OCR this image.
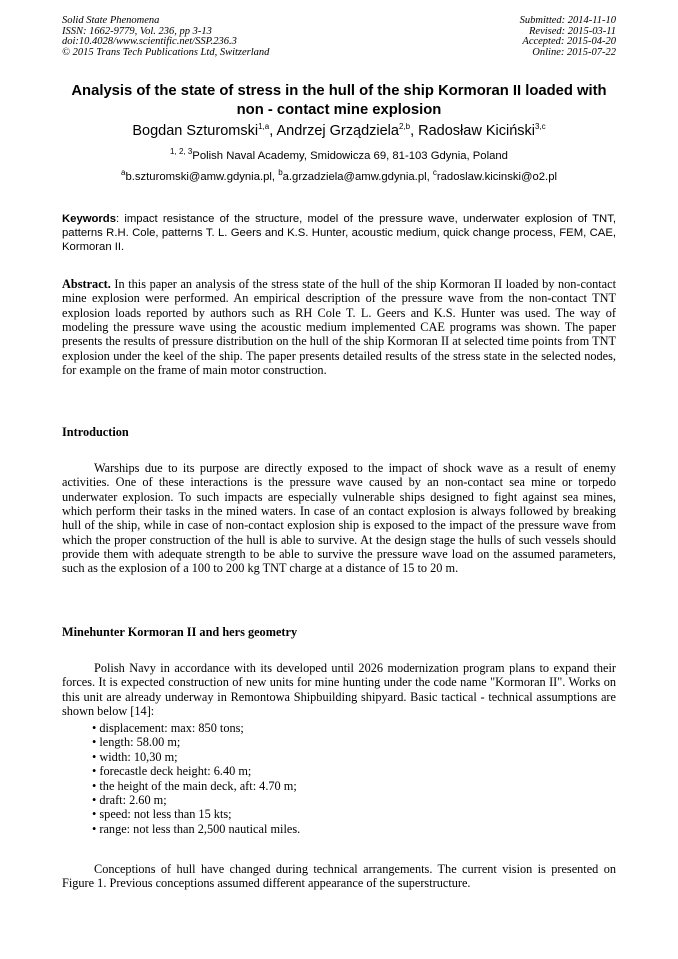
Solid State Phenomena
ISSN: 1662-9779, Vol. 236, pp 3-13
doi:10.4028/www.scientific.net/SSP.236.3
© 2015 Trans Tech Publications Ltd, Switzerland
Submitted: 2014-11-10
Revised: 2015-03-11
Accepted: 2015-04-20
Online: 2015-07-22
Analysis of the state of stress in the hull of the ship Kormoran II loaded with non - contact mine explosion
Bogdan Szturomski$^{1,a}$, Andrzej Grządziela$^{2,b}$, Radosław Kiciński$^{3,c}$
$^{1, 2, 3}$Polish Naval Academy, Smidowicza 69, 81-103 Gdynia, Poland
$^a$b.szturomski@amw.gdynia.pl, $^b$a.grzadziela@amw.gdynia.pl, $^c$radoslaw.kicinski@o2.pl
Keywords: impact resistance of the structure, model of the pressure wave, underwater explosion of TNT, patterns R.H. Cole, patterns T. L. Geers and K.S. Hunter, acoustic medium, quick change process, FEM, CAE, Kormoran II.
Abstract. In this paper an analysis of the stress state of the hull of the ship Kormoran II loaded by non-contact mine explosion were performed. An empirical description of the pressure wave from the non-contact TNT explosion loads reported by authors such as RH Cole T. L. Geers and K.S. Hunter was used. The way of modeling the pressure wave using the acoustic medium implemented CAE programs was shown. The paper presents the results of pressure distribution on the hull of the ship Kormoran II at selected time points from TNT explosion under the keel of the ship. The paper presents detailed results of the stress state in the selected nodes, for example on the frame of main motor construction.
Introduction
Warships due to its purpose are directly exposed to the impact of shock wave as a result of enemy activities. One of these interactions is the pressure wave caused by an non-contact sea mine or torpedo underwater explosion. To such impacts are especially vulnerable ships designed to fight against sea mines, which perform their tasks in the mined waters. In case of an contact explosion is always followed by breaking hull of the ship, while in case of non-contact explosion ship is exposed to the impact of the pressure wave from which the proper construction of the hull is able to survive. At the design stage the hulls of such vessels should provide them with adequate strength to be able to survive the pressure wave load on the assumed parameters, such as the explosion of a 100 to 200 kg TNT charge at a distance of 15 to 20 m.
Minehunter Kormoran II and hers geometry
Polish Navy in accordance with its developed until 2026 modernization program plans to expand their forces. It is expected construction of new units for mine hunting under the code name "Kormoran II". Works on this unit are already underway in Remontowa Shipbuilding shipyard. Basic tactical - technical assumptions are shown below [14]:
• displacement: max: 850 tons;
• length: 58.00 m;
• width: 10,30 m;
• forecastle deck height: 6.40 m;
• the height of the main deck, aft: 4.70 m;
• draft: 2.60 m;
• speed: not less than 15 kts;
• range: not less than 2,500 nautical miles.
Conceptions of hull have changed during technical arrangements. The current vision is presented on Figure 1. Previous conceptions assumed different appearance of the superstructure.
